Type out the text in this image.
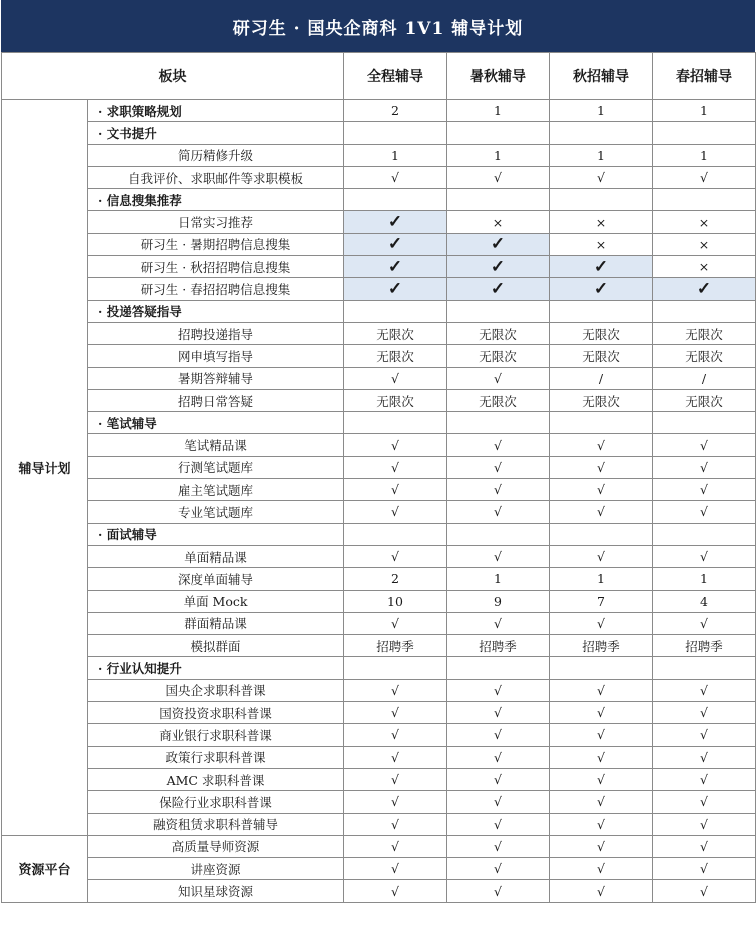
研习生 · 国央企商科 1V1 辅导计划
板块		全程辅导	暑秋辅导	秋招辅导	春招辅导
辅导计划	· 求职策略规划	2	1	1	1
	· 文书提升				
	简历精修升级	1	1	1	1
	自我评价、求职邮件等求职模板	√	√	√	√
	· 信息搜集推荐				
	日常实习推荐	✓	×	×	×
	研习生 · 暑期招聘信息搜集	✓	✓	×	×
	研习生 · 秋招招聘信息搜集	✓	✓	✓	×
	研习生 · 春招招聘信息搜集	✓	✓	✓	✓
	· 投递答疑指导				
	招聘投递指导	无限次	无限次	无限次	无限次
	网申填写指导	无限次	无限次	无限次	无限次
	暑期答辩辅导	√	√	/	/
	招聘日常答疑	无限次	无限次	无限次	无限次
	· 笔试辅导				
	笔试精品课	√	√	√	√
	行测笔试题库	√	√	√	√
	雇主笔试题库	√	√	√	√
	专业笔试题库	√	√	√	√
	· 面试辅导				
	单面精品课	√	√	√	√
	深度单面辅导	2	1	1	1
	单面 Mock	10	9	7	4
	群面精品课	√	√	√	√
	模拟群面	招聘季	招聘季	招聘季	招聘季
	· 行业认知提升				
	国央企求职科普课	√	√	√	√
	国资投资求职科普课	√	√	√	√
	商业银行求职科普课	√	√	√	√
	政策行求职科普课	√	√	√	√
	AMC 求职科普课	√	√	√	√
	保险行业求职科普课	√	√	√	√
	融资租赁求职科普辅导	√	√	√	√
资源平台	高质量导师资源	√	√	√	√
	讲座资源	√	√	√	√
	知识星球资源	√	√	√	√
